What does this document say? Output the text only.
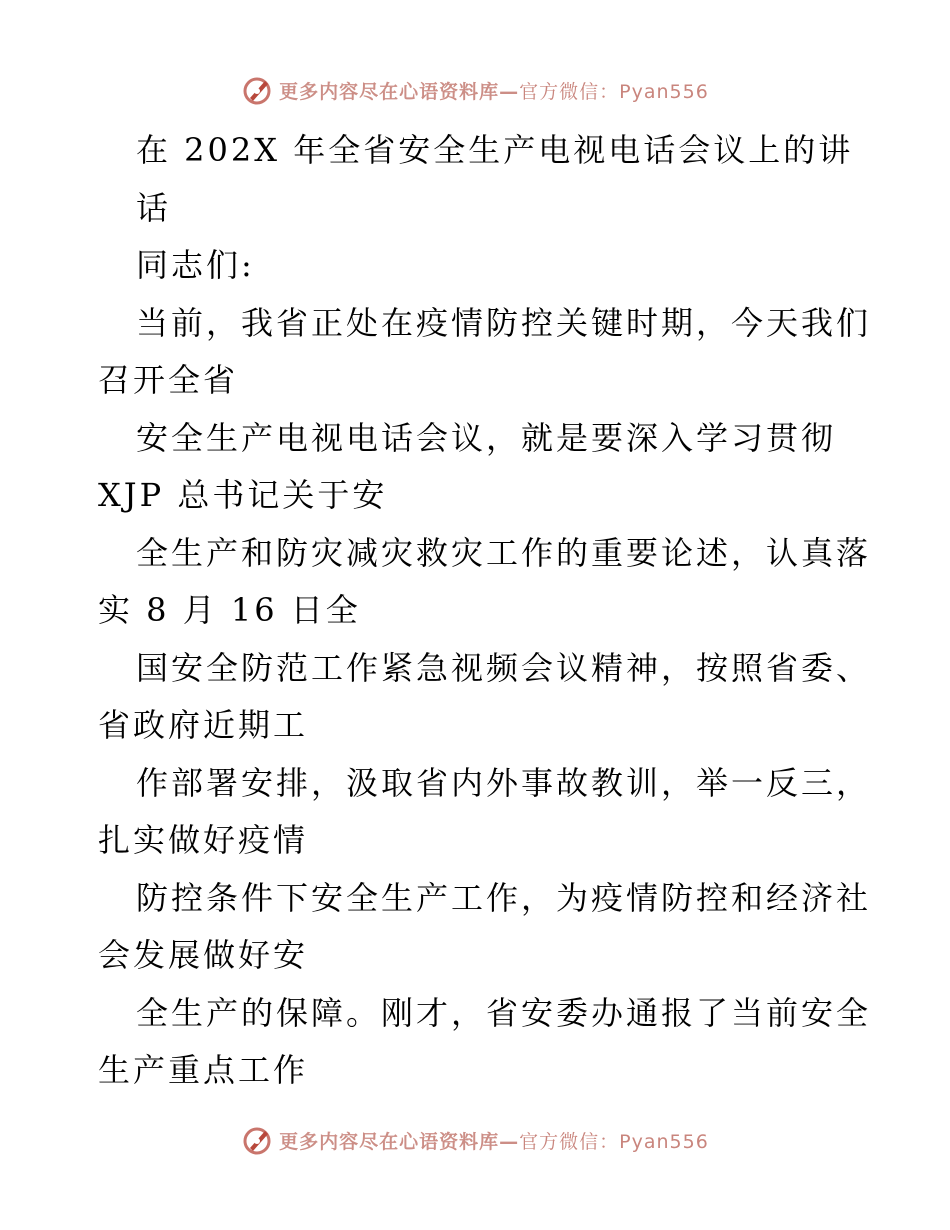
更多内容尽在心语资料库—官方微信：Pyan556
在 202X 年全省安全生产电视电话会议上的讲
话
同志们:
当前，我省正处在疫情防控关键时期，今天我们
召开全省
安全生产电视电话会议，就是要深入学习贯彻
XJP 总书记关于安
全生产和防灾减灾救灾工作的重要论述，认真落
实 8 月 16 日全
国安全防范工作紧急视频会议精神，按照省委、
省政府近期工
作部署安排，汲取省内外事故教训，举一反三，
扎实做好疫情
防控条件下安全生产工作，为疫情防控和经济社
会发展做好安
全生产的保障。刚才，省安委办通报了当前安全
生产重点工作
更多内容尽在心语资料库—官方微信：Pyan556
